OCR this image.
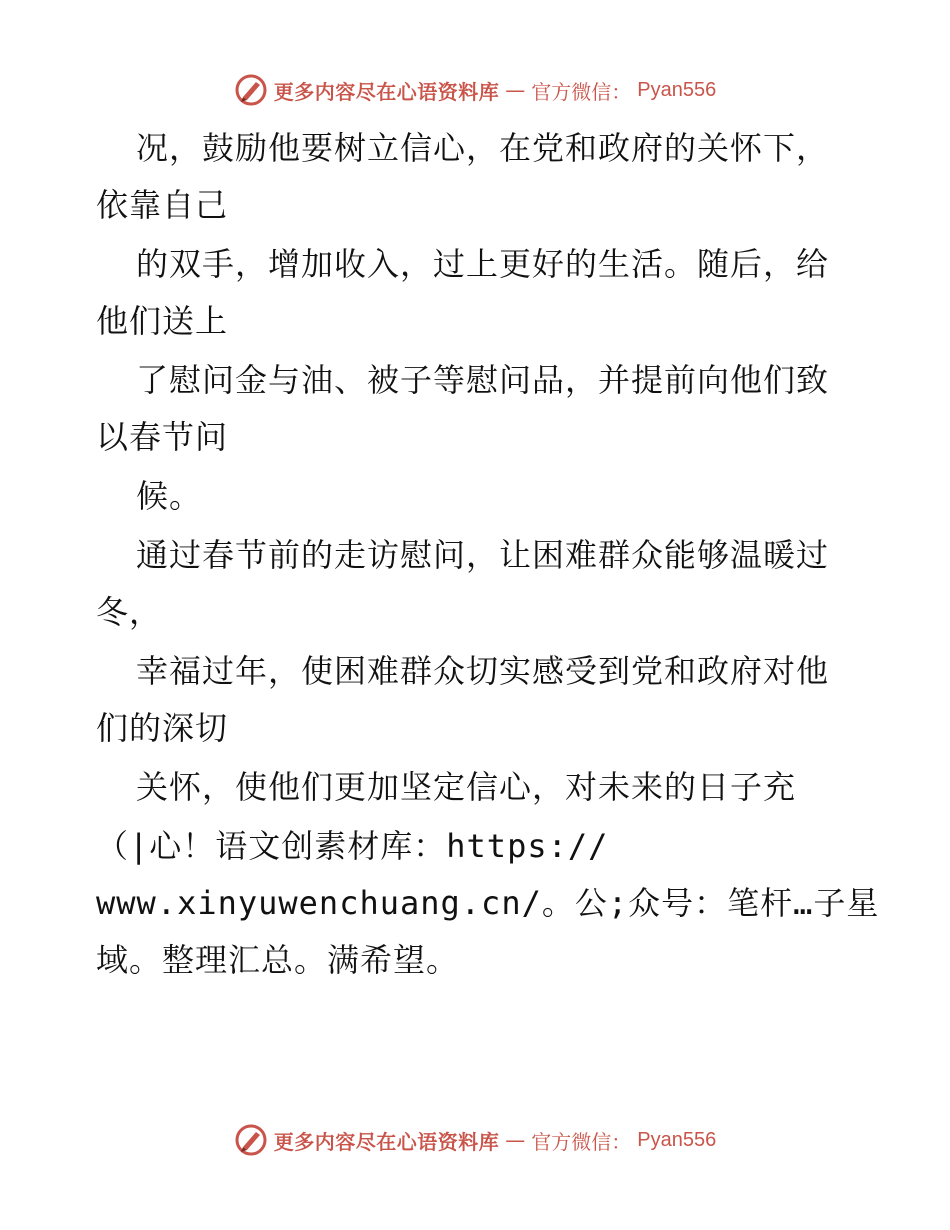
更多内容尽在心语资料库 — 官方微信： Pyan556
况，鼓励他要树立信心，在党和政府的关怀下，
依靠自己
的双手，增加收入，过上更好的生活。随后，给
他们送上
了慰问金与油、被子等慰问品，并提前向他们致
以春节问
候。
通过春节前的走访慰问，让困难群众能够温暖过
冬，
幸福过年，使困难群众切实感受到党和政府对他
们的深切
关怀，使他们更加坚定信心，对未来的日子充
（|心！语文创素材库：https://
www.xinyuwenchuang.cn/。公;众号：笔杆…子星
域。整理汇总。满希望。
更多内容尽在心语资料库 — 官方微信： Pyan556
